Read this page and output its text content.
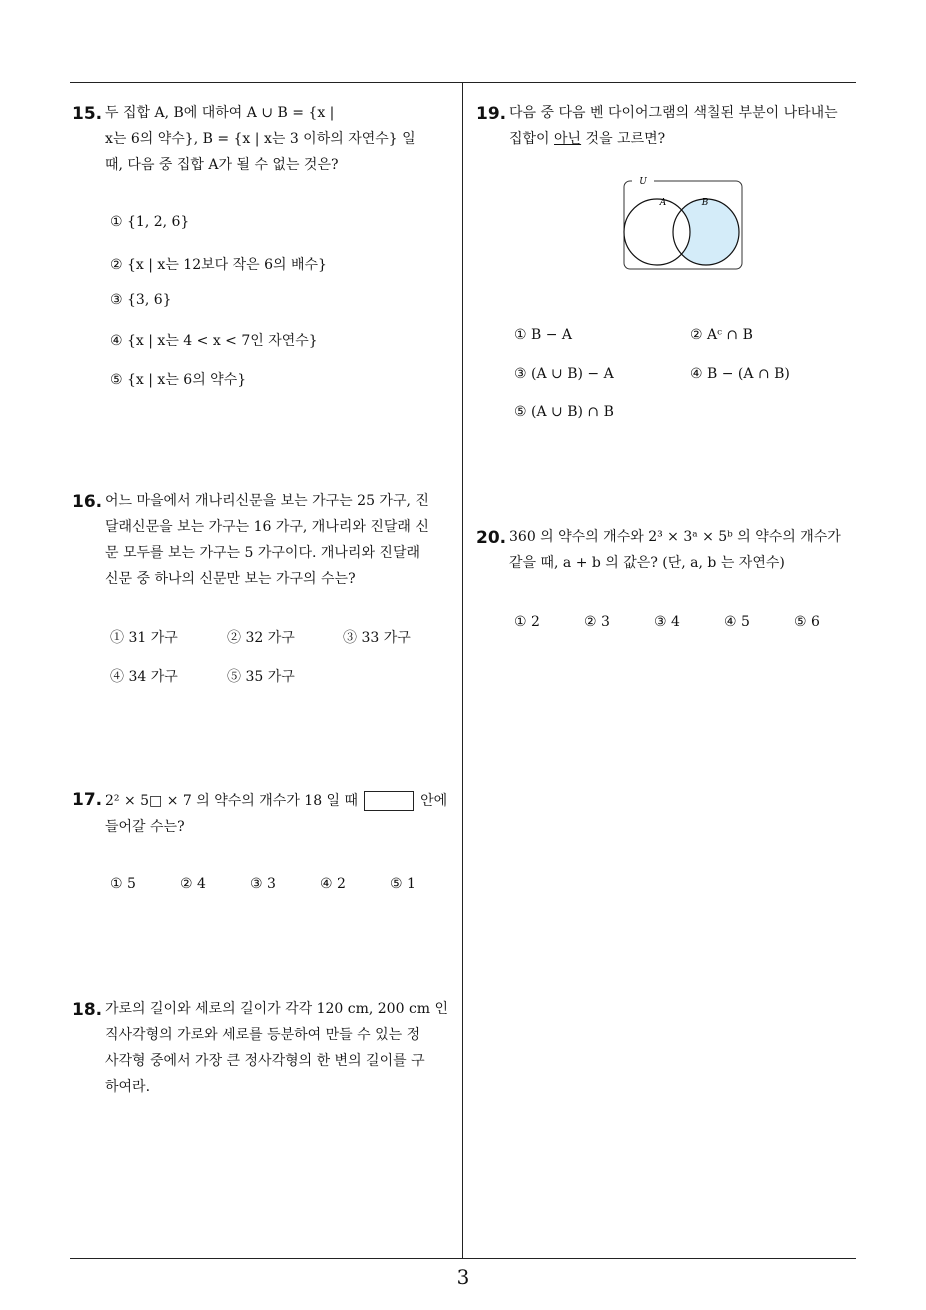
15. 두 집합 A, B에 대하여 A ∪ B = {x |
x는 6의 약수}, B = {x | x는 3 이하의 자연수} 일
때, 다음 중 집합 A가 될 수 없는 것은?
① {1, 2, 6}
② {x | x는 12보다 작은 6의 배수}
③ {3, 6}
④ {x | x는 4 < x < 7인 자연수}
⑤ {x | x는 6의 약수}
16. 어느 마을에서 개나리신문을 보는 가구는 25 가구, 진
달래신문을 보는 가구는 16 가구, 개나리와 진달래 신
문 모두를 보는 가구는 5 가구이다. 개나리와 진달래
신문 중 하나의 신문만 보는 가구의 수는?
① 31 가구	② 32 가구	③ 33 가구
④ 34 가구	⑤ 35 가구
17. 2² × 5□ × 7 의 약수의 개수가 18 일 때	안에
들어갈 수는?
① 5	② 4	③ 3	④ 2	⑤ 1
18. 가로의 길이와 세로의 길이가 각각 120 cm, 200 cm 인
직사각형의 가로와 세로를 등분하여 만들 수 있는 정
사각형 중에서 가장 큰 정사각형의 한 변의 길이를 구
하여라.
19. 다음 중 다음 벤 다이어그램의 색칠된 부분이 나타내는
집합이 아닌 것을 고르면?
U
A	B
① B − A	② Aᶜ ∩ B
③ (A ∪ B) − A	④ B − (A ∩ B)
⑤ (A ∪ B) ∩ B
20. 360 의 약수의 개수와 2³ × 3ᵃ × 5ᵇ 의 약수의 개수가
같을 때, a + b 의 값은? (단, a, b 는 자연수)
① 2	② 3	③ 4	④ 5	⑤ 6
3
